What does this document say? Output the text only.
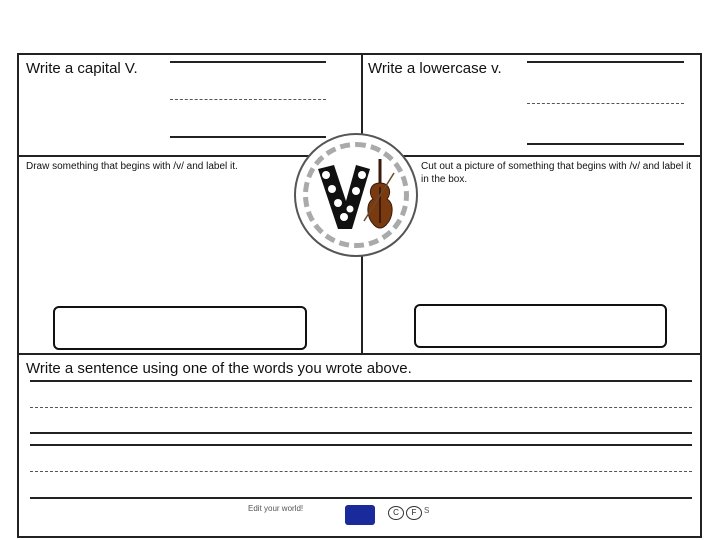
Write a capital V.	Write a lowercase v.
Draw something that begins with /v/ and label it.	Cut out a picture of something that begins with /v/ and label it in the box.
Write a sentence using one of the words you wrote above.
Edit your world!	C	F S
